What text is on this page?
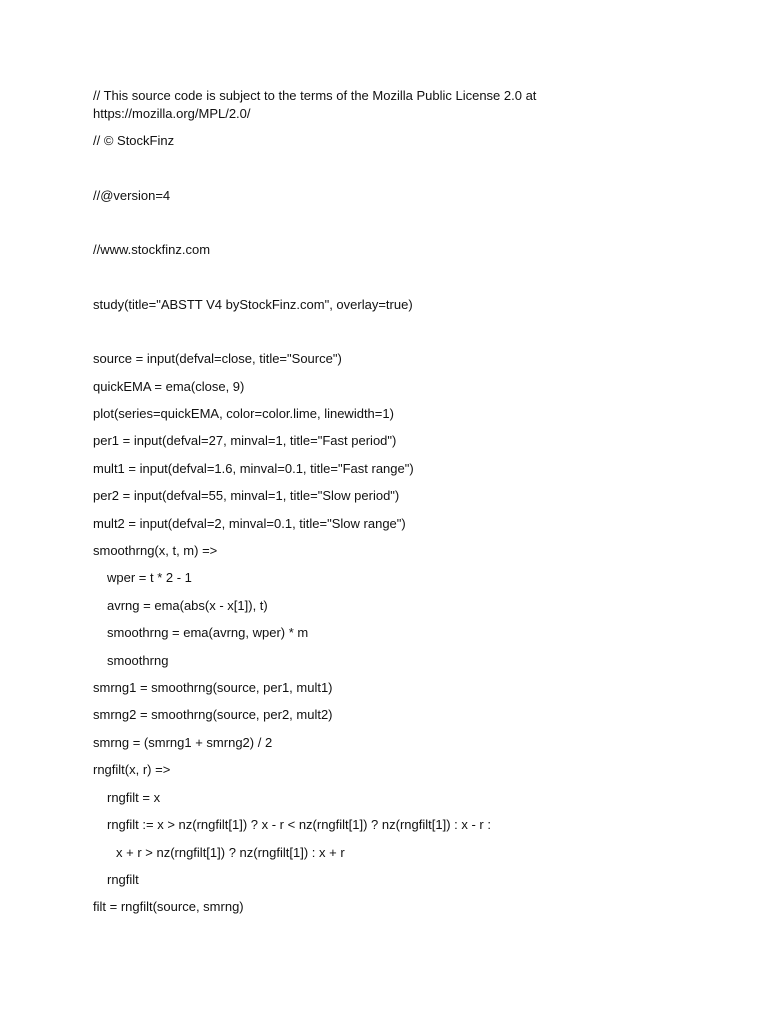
// This source code is subject to the terms of the Mozilla Public License 2.0 at
https://mozilla.org/MPL/2.0/
// © StockFinz
//@version=4
//www.stockfinz.com
study(title="ABSTT V4 byStockFinz.com", overlay=true)
source = input(defval=close, title="Source")
quickEMA = ema(close, 9)
plot(series=quickEMA, color=color.lime, linewidth=1)
per1 = input(defval=27, minval=1, title="Fast period")
mult1 = input(defval=1.6, minval=0.1, title="Fast range")
per2 = input(defval=55, minval=1, title="Slow period")
mult2 = input(defval=2, minval=0.1, title="Slow range")
smoothrng(x, t, m) =>
wper = t * 2 - 1
avrng = ema(abs(x - x[1]), t)
smoothrng = ema(avrng, wper) * m
smoothrng
smrng1 = smoothrng(source, per1, mult1)
smrng2 = smoothrng(source, per2, mult2)
smrng = (smrng1 + smrng2) / 2
rngfilt(x, r) =>
rngfilt = x
rngfilt := x > nz(rngfilt[1]) ? x - r < nz(rngfilt[1]) ? nz(rngfilt[1]) : x - r :
x + r > nz(rngfilt[1]) ? nz(rngfilt[1]) : x + r
rngfilt
filt = rngfilt(source, smrng)
